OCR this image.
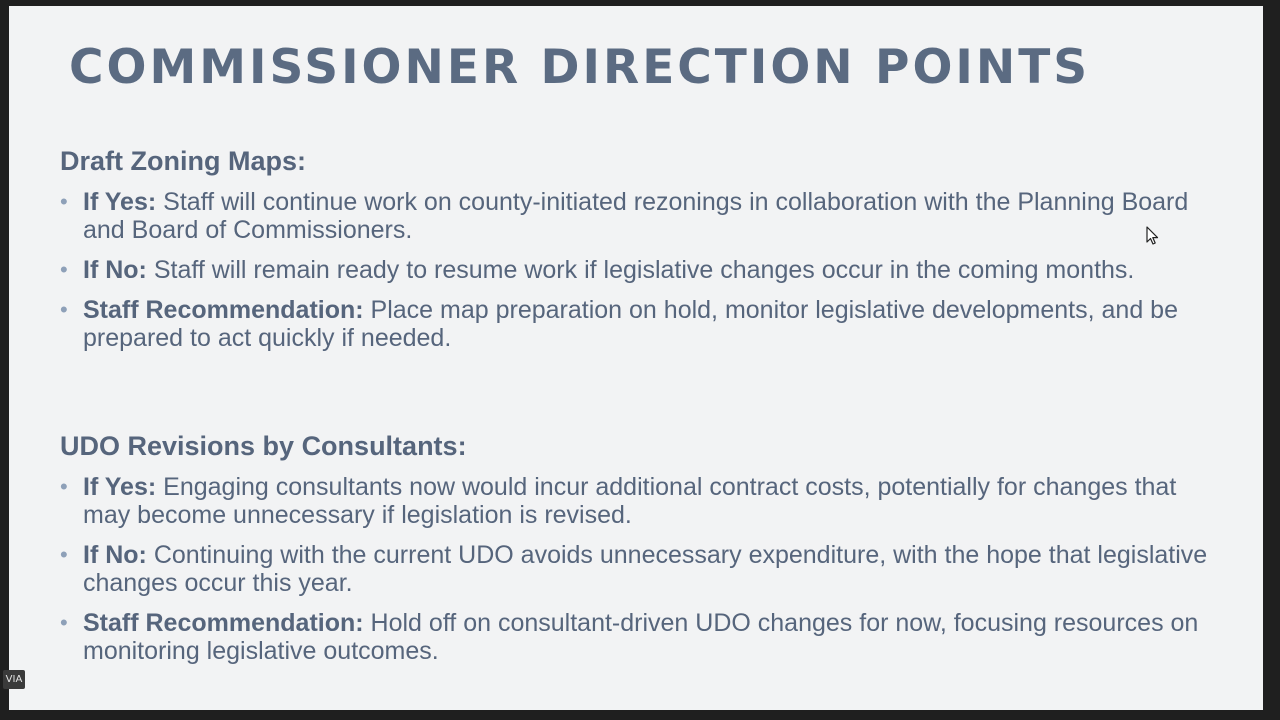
COMMISSIONER DIRECTION POINTS
Draft Zoning Maps:
• If Yes: Staff will continue work on county-initiated rezonings in collaboration with the Planning Board and Board of Commissioners.
• If No: Staff will remain ready to resume work if legislative changes occur in the coming months.
• Staff Recommendation: Place map preparation on hold, monitor legislative developments, and be prepared to act quickly if needed.
UDO Revisions by Consultants:
• If Yes: Engaging consultants now would incur additional contract costs, potentially for changes that may become unnecessary if legislation is revised.
• If No: Continuing with the current UDO avoids unnecessary expenditure, with the hope that legislative changes occur this year.
• Staff Recommendation: Hold off on consultant-driven UDO changes for now, focusing resources on monitoring legislative outcomes.
VIA
